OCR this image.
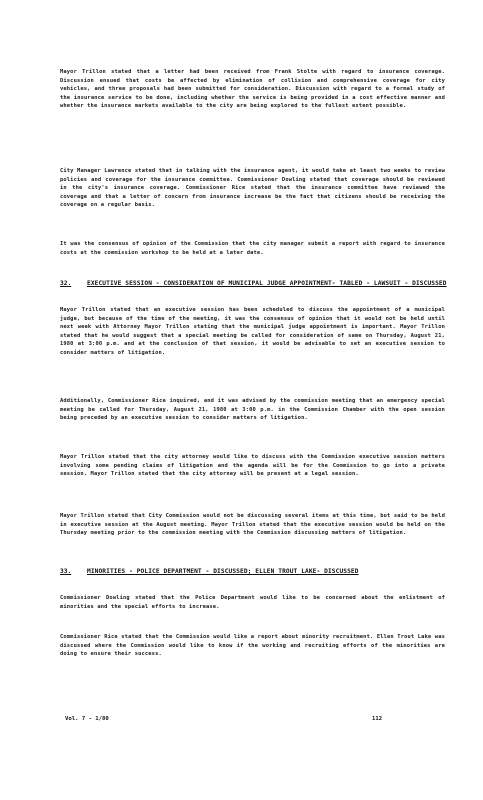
Mayor Trillon stated that a letter had been received from Frank Stolte with regard to insurance coverage. Discussion ensued that costs be affected by elimination of collision and comprehensive coverage for city vehicles, and three proposals had been submitted for consideration. Discussion with regard to a formal study of the insurance service to be done, including whether the service is being provided in a cost effective manner and whether the insurance markets available to the city are being explored to the fullest extent possible.

City Manager Lawrence stated that in talking with the insurance agent, it would take at least two weeks to review policies and coverage for the insurance committee. Commissioner Dowling stated that coverage should be reviewed in the city's insurance coverage. Commissioner Rice stated that the insurance committee have reviewed the coverage and that a letter of concern from insurance increase be the fact that citizens should be receiving the coverage on a regular basis.

It was the consensus of opinion of the Commission that the city manager submit a report with regard to insurance costs at the commission workshop to be held at a later date.

32.	EXECUTIVE SESSION - CONSIDERATION OF MUNICIPAL JUDGE APPOINTMENT- TABLED - LAWSUIT - DISCUSSED

Mayor Trillon stated that an executive session has been scheduled to discuss the appointment of a municipal judge, but because of the time of the meeting, it was the consensus of opinion that it would not be held until next week with Attorney Mayor Trillon stating that the municipal judge appointment is important. Mayor Trillon stated that he would suggest that a special meeting be called for consideration of same on Thursday, August 21, 1980 at 3:00 p.m. and at the conclusion of that session, it would be advisable to set an executive session to consider matters of litigation.

Additionally, Commissioner Rice inquired, and it was advised by the commission meeting that an emergency special meeting be called for Thursday, August 21, 1980 at 3:00 p.m. in the Commission Chamber with the open session being preceded by an executive session to consider matters of litigation.

Mayor Trillon stated that the city attorney would like to discuss with the Commission executive session matters involving some pending claims of litigation and the agenda will be for the Commission to go into a private session. Mayor Trillon stated that the city attorney will be present at a legal session.

Mayor Trillon stated that City Commission would not be discussing several items at this time, but said to be held in executive session at the August meeting. Mayor Trillon stated that the executive session would be held on the Thursday meeting prior to the commission meeting with the Commission discussing matters of litigation.

33.	MINORITIES - POLICE DEPARTMENT - DISCUSSED; ELLEN TROUT LAKE- DISCUSSED

Commissioner Dowling stated that the Police Department would like to be concerned about the enlistment of minorities and the special efforts to increase.

Commissioner Rice stated that the Commission would like a report about minority recruitment. Ellen Trout Lake was discussed where the Commission would like to know if the working and recruiting efforts of the minorities are doing to ensure their success.

Vol. 7 - 1/80	112
